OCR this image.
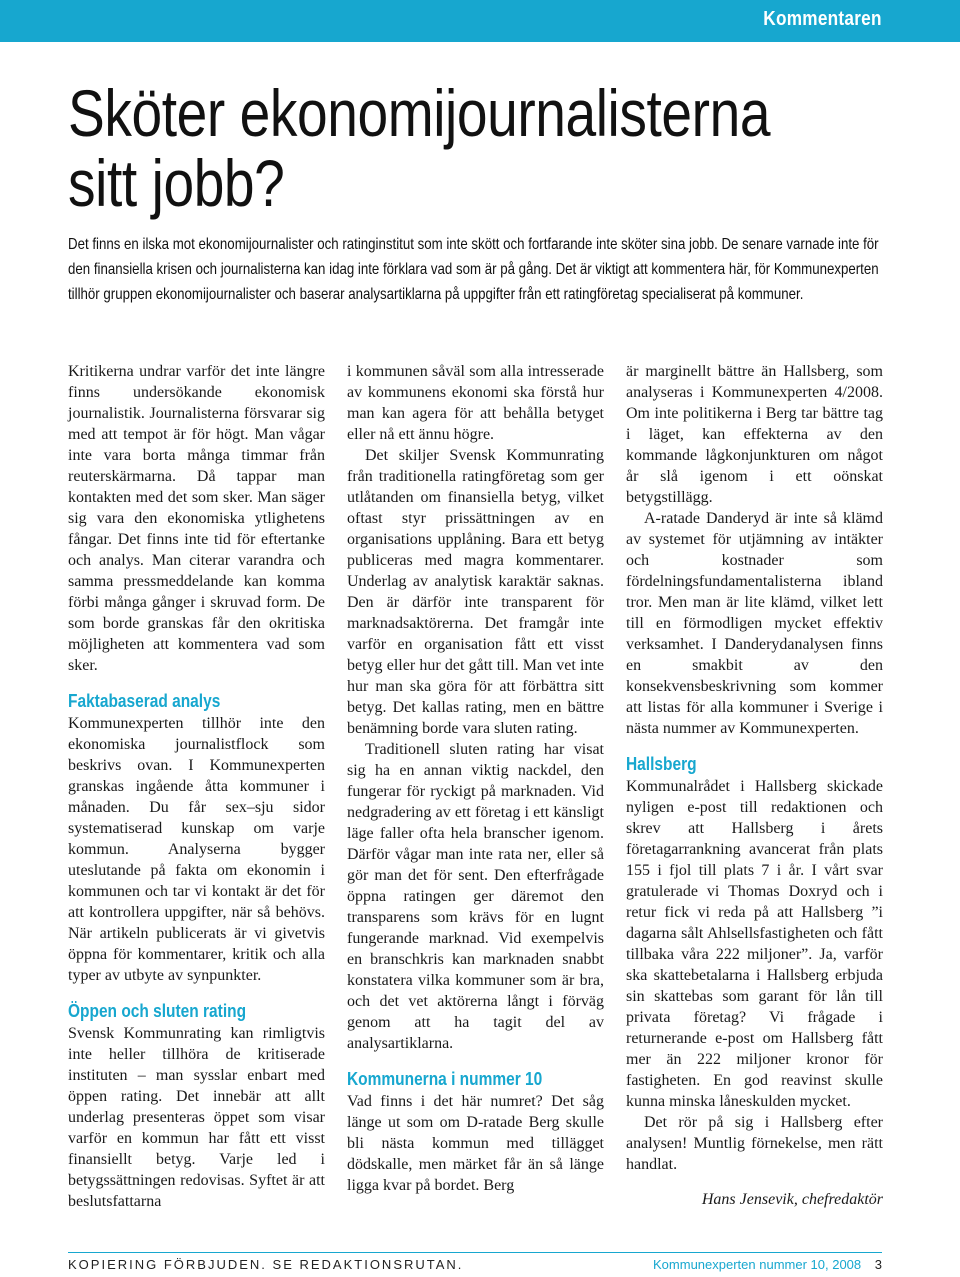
Kommentaren
Sköter ekonomijournalisterna
sitt jobb?

Det finns en ilska mot ekonomijournalister och ratinginstitut som inte skött och fortfarande inte sköter sina jobb. De senare varnade inte för den finansiella krisen och journalisterna kan idag inte förklara vad som är på gång. Det är viktigt att kommentera här, för Kommunexperten tillhör gruppen ekonomijournalister och baserar analysartiklarna på uppgifter från ett ratingföretag specialiserat på kommuner.

Kritikerna undrar varför det inte längre finns undersökande ekonomisk journalistik. Journalisterna försvarar sig med att tempot är för högt. Man vågar inte vara borta många timmar från reuterskärmarna. Då tappar man kontakten med det som sker. Man säger sig vara den ekonomiska ytlighetens fångar. Det finns inte tid för eftertanke och analys. Man citerar varandra och samma pressmeddelande kan komma förbi många gånger i skruvad form. De som borde granskas får den okritiska möjligheten att kommentera vad som sker.

Faktabaserad analys

Kommunexperten tillhör inte den ekonomiska journalistflock som beskrivs ovan. I Kommunexperten granskas ingående åtta kommuner i månaden. Du får sex–sju sidor systematiserad kunskap om varje kommun. Analyserna bygger uteslutande på fakta om ekonomin i kommunen och tar vi kontakt är det för att kontrollera uppgifter, när så behövs. När artikeln publicerats är vi givetvis öppna för kommentarer, kritik och alla typer av utbyte av synpunkter.

Öppen och sluten rating

Svensk Kommunrating kan rimligtvis inte heller tillhöra de kritiserade instituten – man sysslar enbart med öppen rating. Det innebär att allt underlag presenteras öppet som visar varför en kommun har fått ett visst finansiellt betyg. Varje led i betygssättningen redovisas. Syftet är att beslutsfattarna

i kommunen såväl som alla intresserade av kommunens ekonomi ska förstå hur man kan agera för att behålla betyget eller nå ett ännu högre.

Det skiljer Svensk Kommunrating från traditionella ratingföretag som ger utlåtanden om finansiella betyg, vilket oftast styr prissättningen av en organisations upplåning. Bara ett betyg publiceras med magra kommentarer. Underlag av analytisk karaktär saknas. Den är därför inte transparent för marknadsaktörerna. Det framgår inte varför en organisation fått ett visst betyg eller hur det gått till. Man vet inte hur man ska göra för att förbättra sitt betyg. Det kallas rating, men en bättre benämning borde vara sluten rating.

Traditionell sluten rating har visat sig ha en annan viktig nackdel, den fungerar för ryckigt på marknaden. Vid nedgradering av ett företag i ett känsligt läge faller ofta hela branscher igenom. Därför vågar man inte rata ner, eller så gör man det för sent. Den efterfrågade öppna ratingen ger däremot den transparens som krävs för en lugnt fungerande marknad. Vid exempelvis en branschkris kan marknaden snabbt konstatera vilka kommuner som är bra, och det vet aktörerna långt i förväg genom att ha tagit del av analysartiklarna.

Kommunerna i nummer 10

Vad finns i det här numret? Det såg länge ut som om D-ratade Berg skulle bli nästa kommun med tillägget dödskalle, men märket får än så länge ligga kvar på bordet. Berg

är marginellt bättre än Hallsberg, som analyseras i Kommunexperten 4/2008. Om inte politikerna i Berg tar bättre tag i läget, kan effekterna av den kommande lågkonjunkturen om något år slå igenom i ett oönskat betygstillägg.

A-ratade Danderyd är inte så klämd av systemet för utjämning av intäkter och kostnader som fördelningsfundamentalisterna ibland tror. Men man är lite klämd, vilket lett till en förmodligen mycket effektiv verksamhet. I Danderydanalysen finns en smakbit av den konsekvensbeskrivning som kommer att listas för alla kommuner i Sverige i nästa nummer av Kommunexperten.

Hallsberg

Kommunalrådet i Hallsberg skickade nyligen e-post till redaktionen och skrev att Hallsberg i årets företagarrankning avancerat från plats 155 i fjol till plats 7 i år. I vårt svar gratulerade vi Thomas Doxryd och i retur fick vi reda på att Hallsberg ”i dagarna sålt Ahlsellsfastigheten och fått tillbaka våra 222 miljoner”. Ja, varför ska skattebetalarna i Hallsberg erbjuda sin skattebas som garant för lån till privata företag? Vi frågade i returnerande e-post om Hallsberg fått mer än 222 miljoner kronor för fastigheten. En god reavinst skulle kunna minska låneskulden mycket.

Det rör på sig i Hallsberg efter analysen! Muntlig förnekelse, men rätt handlat.

Hans Jensevik, chefredaktör

KOPIERING FÖRBJUDEN. SE REDAKTIONSRUTAN.	Kommunexperten nummer 10, 2008 3
